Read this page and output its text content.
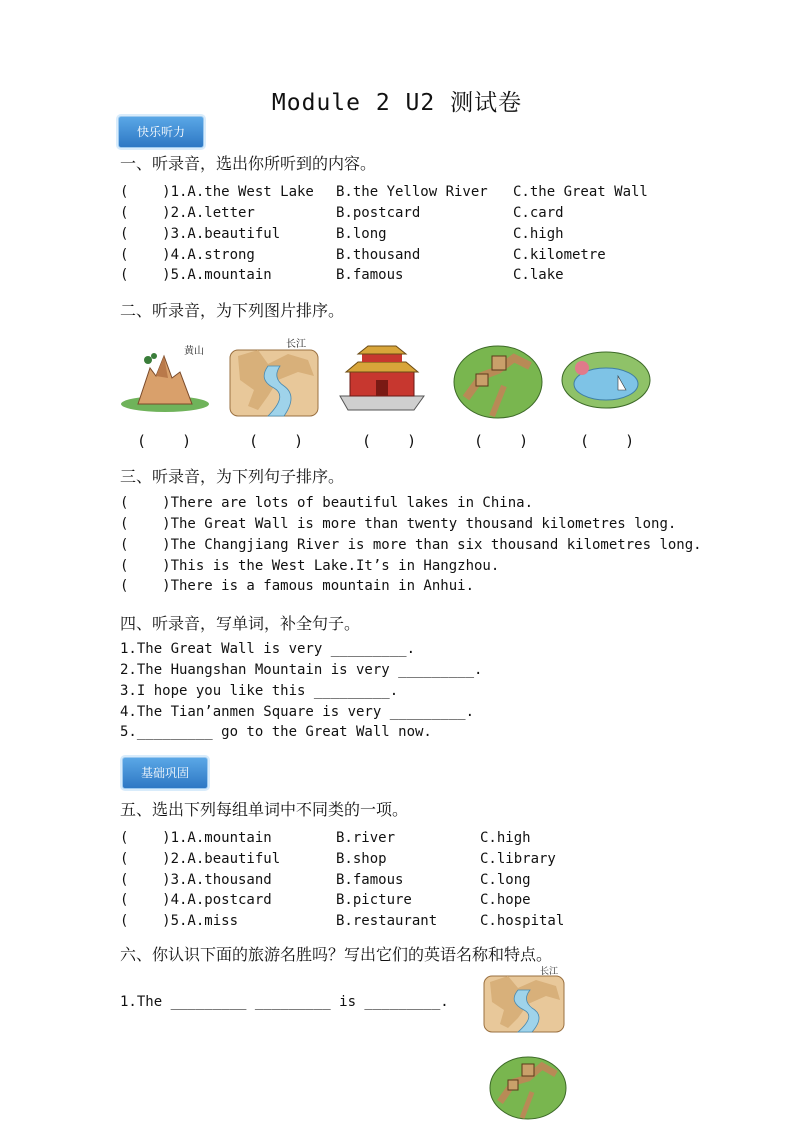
Module 2 U2 测试卷
快乐听力
一、听录音，选出你所听到的内容。

(    )1.A.the West Lake

B.the Yellow River

C.the Great Wall

(    )2.A.letter

	B.postcard

	C.card

(    )3.A.beautiful

	B.long

	C.high

(    )4.A.strong

	B.thousand

	C.kilometre

(    )5.A.mountain

	B.famous

	C.lake

二、听录音，为下列图片排序。
黄山
长江
(    )	(    )	(    )	(    )	(    )
三、听录音，为下列句子排序。
(    )There are lots of beautiful lakes in China.
(    )The Great Wall is more than twenty thousand kilometres long.
(    )The Changjiang River is more than six thousand kilometres long.
(    )This is the West Lake.It’s in Hangzhou.
(    )There is a famous mountain in Anhui.
四、听录音，写单词，补全句子。
1.The Great Wall is very _________.
2.The Huangshan Mountain is very _________.
3.I hope you like this _________.
4.The Tian’anmen Square is very _________.
5._________ go to the Great Wall now.
基础巩固
五、选出下列每组单词中不同类的一项。

(    )1.A.mountain

	B.river

	C.high

(    )2.A.beautiful

	B.shop

	C.library

(    )3.A.thousand

	B.famous

	C.long

(    )4.A.postcard

	B.picture

	C.hope

(    )5.A.miss

	B.restaurant

	C.hospital

六、你认识下面的旅游名胜吗？写出它们的英语名称和特点。
1.The _________ _________ is _________.
长江
